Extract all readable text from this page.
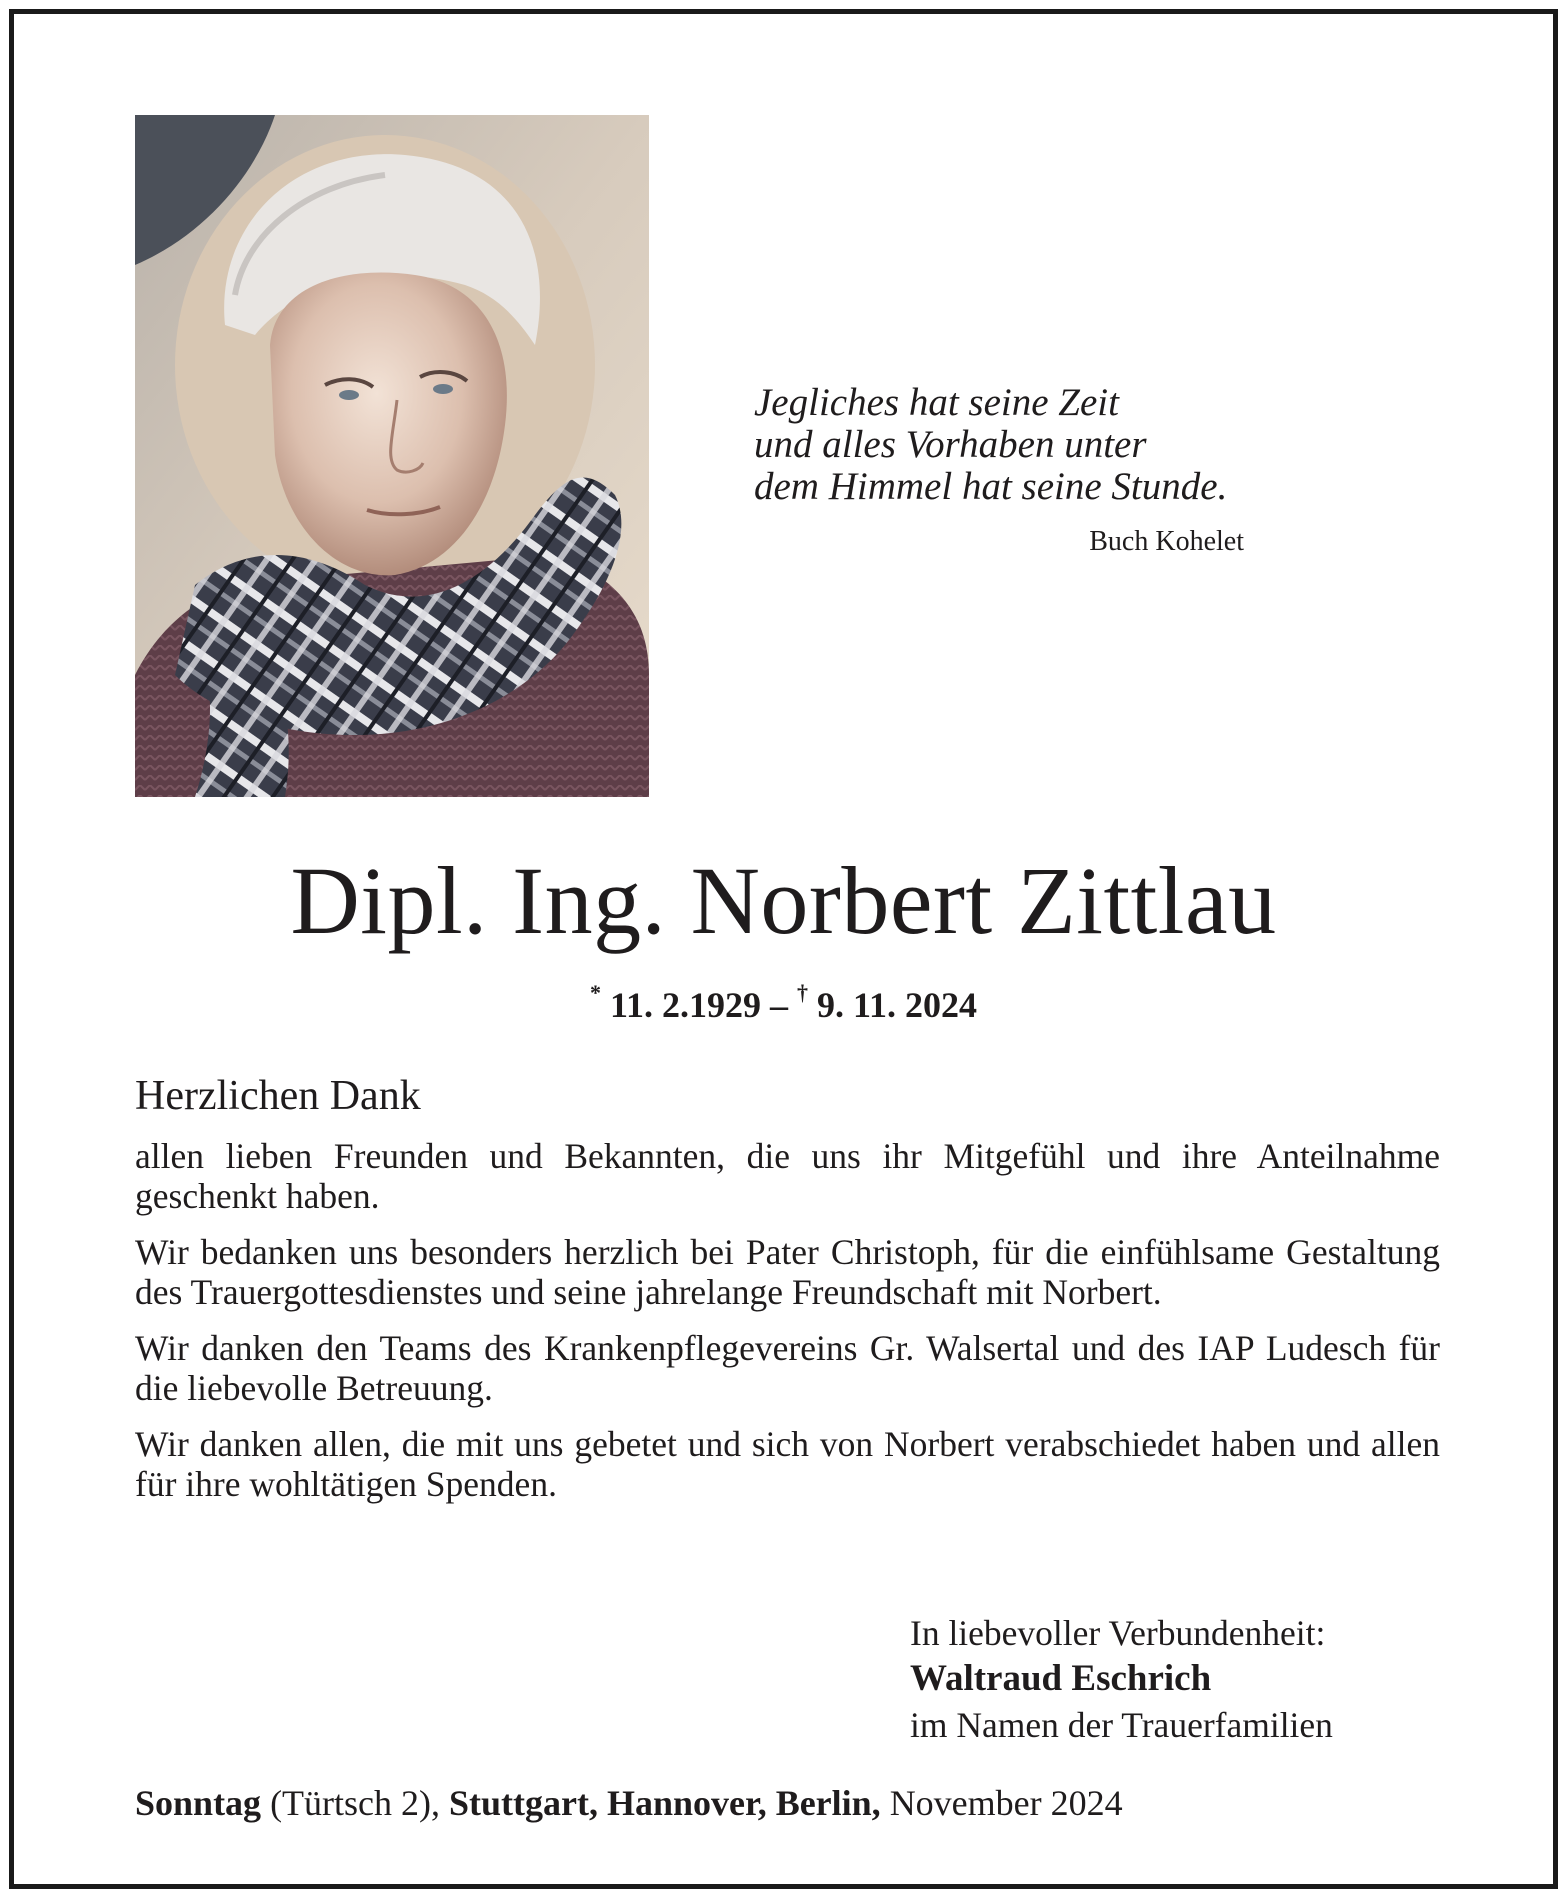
Jegliches hat seine Zeit
und alles Vorhaben unter
dem Himmel hat seine Stunde.
Buch Kohelet
Dipl. Ing. Norbert Zittlau
* 11. 2.1929 – † 9. 11. 2024
Herzlichen Dank

allen lieben Freunden und Bekannten, die uns ihr Mitgefühl und ihre Anteilnahme geschenkt haben.

Wir bedanken uns besonders herzlich bei Pater Christoph, für die einfühlsame Gestaltung des Trauergottesdienstes und seine jahrelange Freundschaft mit Norbert.

Wir danken den Teams des Krankenpflegevereins Gr. Walsertal und des IAP Ludesch für die liebevolle Betreuung.

Wir danken allen, die mit uns gebetet und sich von Norbert verabschiedet haben und allen für ihre wohltätigen Spenden.

In liebevoller Verbundenheit:
Waltraud Eschrich
im Namen der Trauerfamilien
Sonntag (Türtsch 2), Stuttgart, Hannover, Berlin, November 2024
